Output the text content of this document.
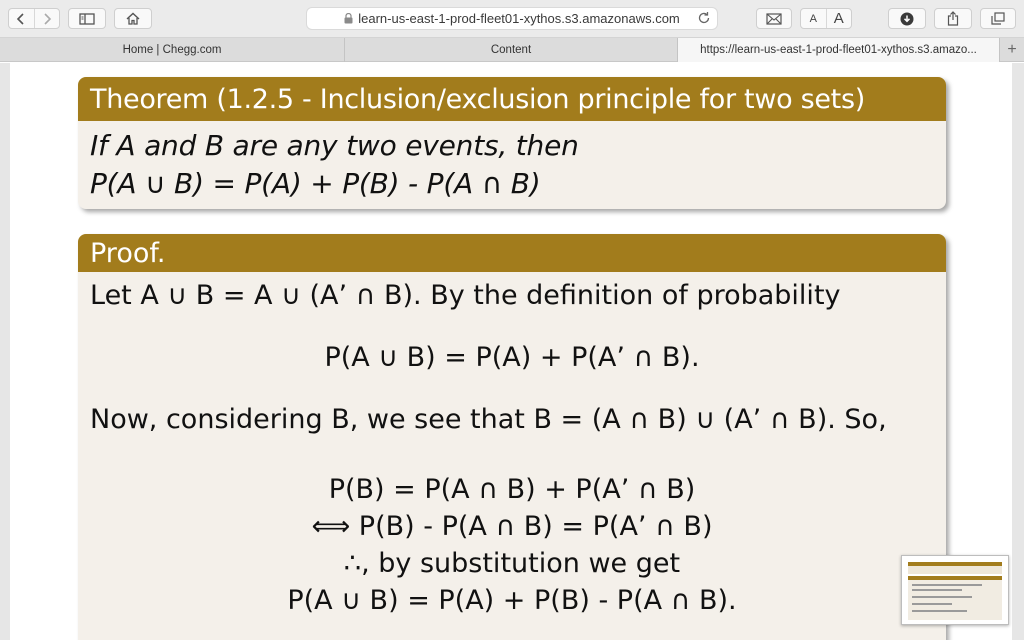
learn-us-east-1-prod-fleet01-xythos.s3.amazonaws.com	A	A
Home | Chegg.com	Content	https://learn-us-east-1-prod-fleet01-xythos.s3.amazo...	+
Theorem (1.2.5 - Inclusion/exclusion principle for two sets)
If A and B are any two events, then
P(A ∪ B) = P(A) + P(B) - P(A ∩ B)
Proof.
Let A ∪ B = A ∪ (A’ ∩ B). By the definition of probability
P(A ∪ B) = P(A) + P(A’ ∩ B).
Now, considering B, we see that B = (A ∩ B) ∪ (A’ ∩ B). So,
P(B) = P(A ∩ B) + P(A’ ∩ B)
⟺ P(B) - P(A ∩ B) = P(A’ ∩ B)
∴, by substitution we get
P(A ∪ B) = P(A) + P(B) - P(A ∩ B).
